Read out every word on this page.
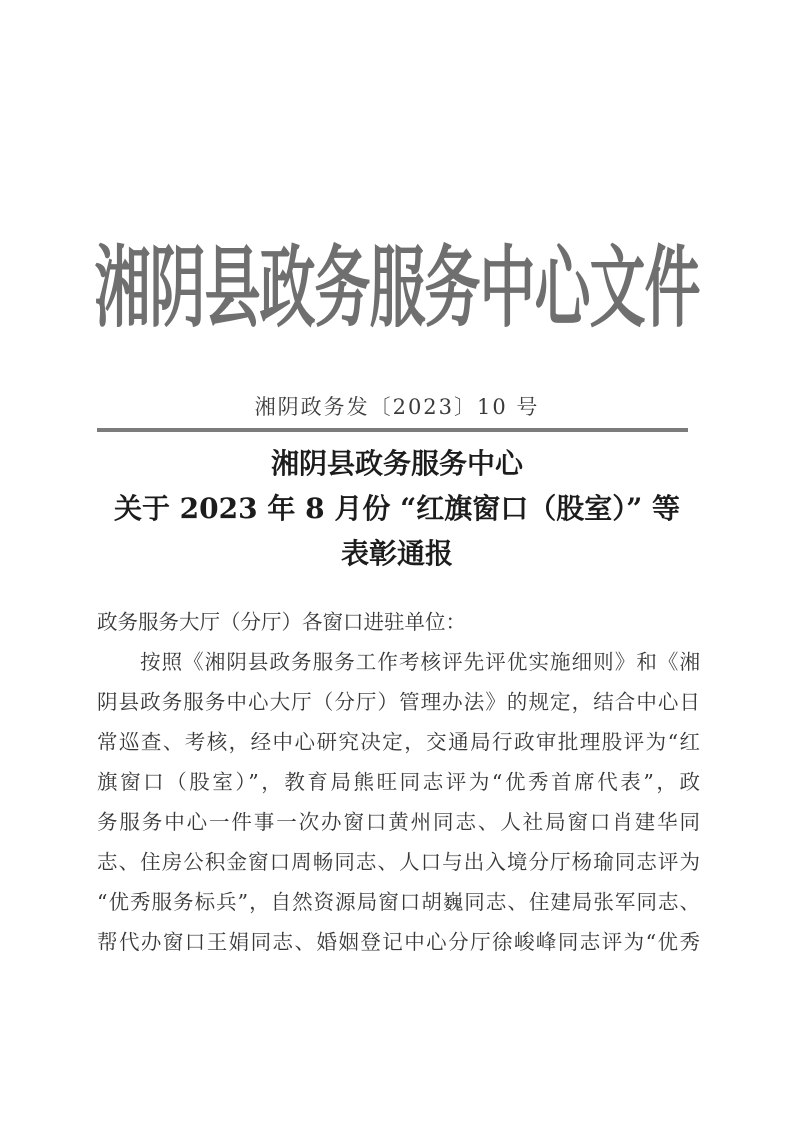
湘阴县政务服务中心文件
湘阴政务发〔2023〕10 号
湘阴县政务服务中心
关于 2023 年 8 月份 “红旗窗口（股室）” 等
表彰通报
政务服务大厅（分厅）各窗口进驻单位：
按照《湘阴县政务服务工作考核评先评优实施细则》和《湘
阴县政务服务中心大厅（分厅）管理办法》的规定，结合中心日
常巡查、考核，经中心研究决定，交通局行政审批理股评为“红
旗窗口（股室）”，教育局熊旺同志评为“优秀首席代表”，政
务服务中心一件事一次办窗口黄州同志、人社局窗口肖建华同
志、住房公积金窗口周畅同志、人口与出入境分厅杨瑜同志评为
“优秀服务标兵”，自然资源局窗口胡巍同志、住建局张军同志、
帮代办窗口王娟同志、婚姻登记中心分厅徐峻峰同志评为“优秀
